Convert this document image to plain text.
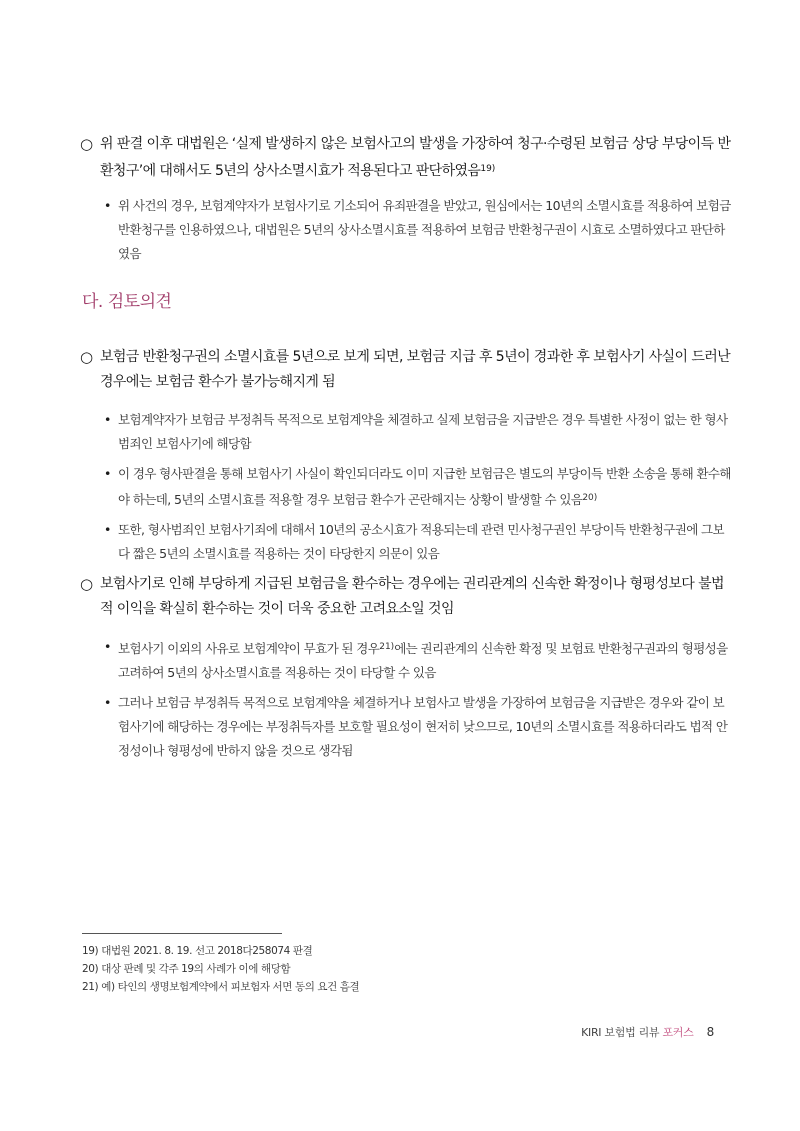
○ 위 판결 이후 대법원은 ‘실제 발생하지 않은 보험사고의 발생을 가장하여 청구·수령된 보험금 상당 부당이득 반환청구’에 대해서도 5년의 상사소멸시효가 적용된다고 판단하였음$^{19)}$
• 위 사건의 경우, 보험계약자가 보험사기로 기소되어 유죄판결을 받았고, 원심에서는 10년의 소멸시효를 적용하여 보험금 반환청구를 인용하였으나, 대법원은 5년의 상사소멸시효를 적용하여 보험금 반환청구권이 시효로 소멸하였다고 판단하였음
다. 검토의견
○ 보험금 반환청구권의 소멸시효를 5년으로 보게 되면, 보험금 지급 후 5년이 경과한 후 보험사기 사실이 드러난 경우에는 보험금 환수가 불가능해지게 됨
• 보험계약자가 보험금 부정취득 목적으로 보험계약을 체결하고 실제 보험금을 지급받은 경우 특별한 사정이 없는 한 형사범죄인 보험사기에 해당함
• 이 경우 형사판결을 통해 보험사기 사실이 확인되더라도 이미 지급한 보험금은 별도의 부당이득 반환 소송을 통해 환수해야 하는데, 5년의 소멸시효를 적용할 경우 보험금 환수가 곤란해지는 상황이 발생할 수 있음$^{20)}$
• 또한, 형사범죄인 보험사기죄에 대해서 10년의 공소시효가 적용되는데 관련 민사청구권인 부당이득 반환청구권에 그보다 짧은 5년의 소멸시효를 적용하는 것이 타당한지 의문이 있음
○ 보험사기로 인해 부당하게 지급된 보험금을 환수하는 경우에는 권리관계의 신속한 확정이나 형평성보다 불법적 이익을 확실히 환수하는 것이 더욱 중요한 고려요소일 것임
• 보험사기 이외의 사유로 보험계약이 무효가 된 경우$^{21)}$에는 권리관계의 신속한 확정 및 보험료 반환청구권과의 형평성을 고려하여 5년의 상사소멸시효를 적용하는 것이 타당할 수 있음
• 그러나 보험금 부정취득 목적으로 보험계약을 체결하거나 보험사고 발생을 가장하여 보험금을 지급받은 경우와 같이 보험사기에 해당하는 경우에는 부정취득자를 보호할 필요성이 현저히 낮으므로, 10년의 소멸시효를 적용하더라도 법적 안정성이나 형평성에 반하지 않을 것으로 생각됨
19) 대법원 2021. 8. 19. 선고 2018다258074 판결
20) 대상 판례 및 각주 19의 사례가 이에 해당함
21) 예) 타인의 생명보험계약에서 피보험자 서면 동의 요건 흠결
KIRI 보험법 리뷰 포커스 8
